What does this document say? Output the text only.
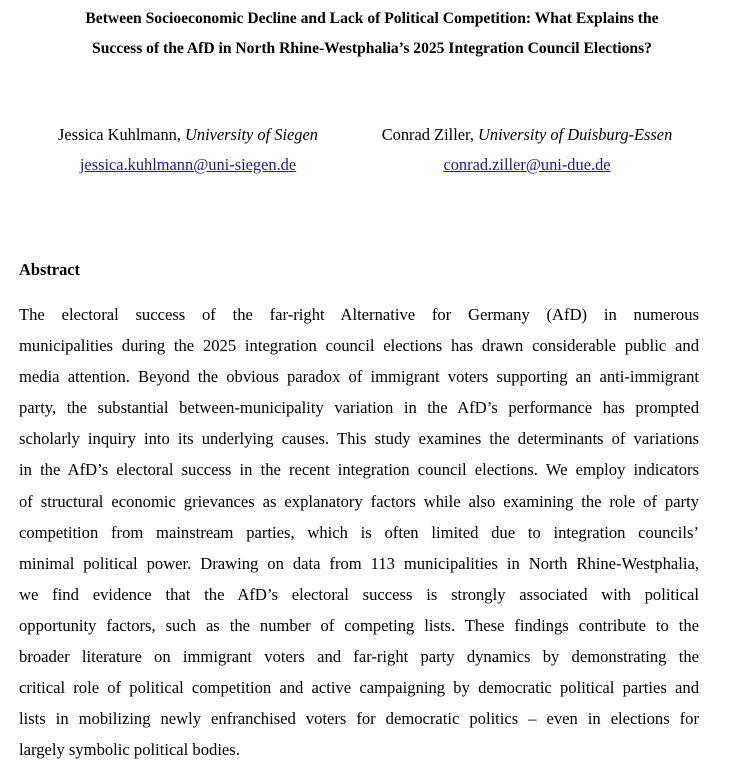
Between Socioeconomic Decline and Lack of Political Competition: What Explains the
Success of the AfD in North Rhine-Westphalia’s 2025 Integration Council Elections?
Jessica Kuhlmann, University of Siegen
jessica.kuhlmann@uni-siegen.de
Conrad Ziller, University of Duisburg-Essen
conrad.ziller@uni-due.de
Abstract
The electoral success of the far-right Alternative for Germany (AfD) in numerous
municipalities during the 2025 integration council elections has drawn considerable public and
media attention. Beyond the obvious paradox of immigrant voters supporting an anti-immigrant
party, the substantial between-municipality variation in the AfD’s performance has prompted
scholarly inquiry into its underlying causes. This study examines the determinants of variations
in the AfD’s electoral success in the recent integration council elections. We employ indicators
of structural economic grievances as explanatory factors while also examining the role of party
competition from mainstream parties, which is often limited due to integration councils’
minimal political power. Drawing on data from 113 municipalities in North Rhine-Westphalia,
we find evidence that the AfD’s electoral success is strongly associated with political
opportunity factors, such as the number of competing lists. These findings contribute to the
broader literature on immigrant voters and far-right party dynamics by demonstrating the
critical role of political competition and active campaigning by democratic political parties and
lists in mobilizing newly enfranchised voters for democratic politics – even in elections for
largely symbolic political bodies.
